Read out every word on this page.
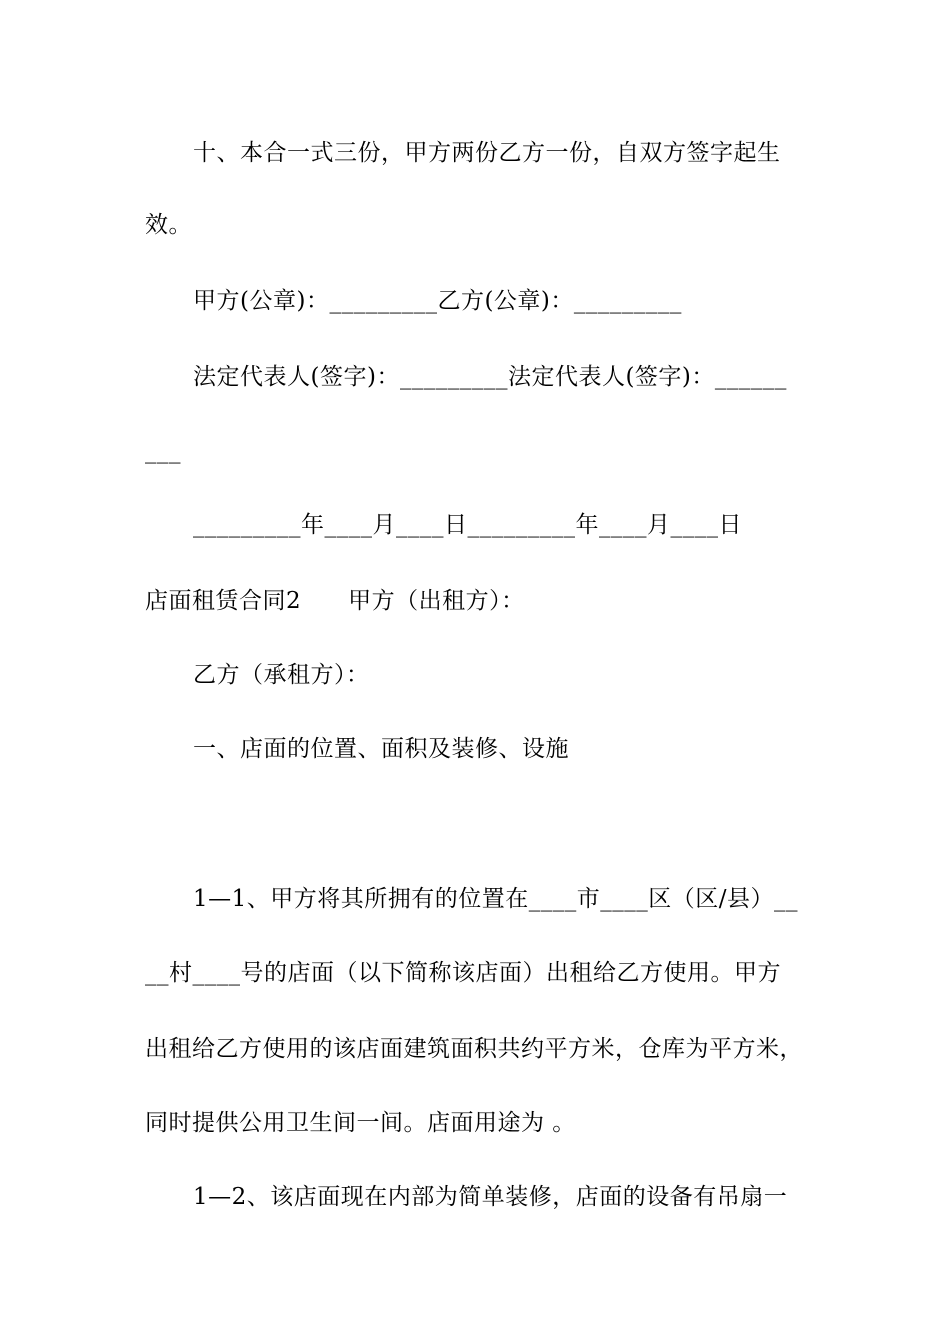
十、本合一式三份，甲方两份乙方一份，自双方签字起生
效。
甲方(公章)：_________乙方(公章)：_________
法定代表人(签字)：_________法定代表人(签字)：______
___
_________年____月____日_________年____月____日
店面租赁合同2　　甲方（出租方）：
乙方（承租方）：
一、店面的位置、面积及装修、设施
1—1、甲方将其所拥有的位置在____市____区（区/县）__
__村____号的店面（以下简称该店面）出租给乙方使用。甲方
出租给乙方使用的该店面建筑面积共约平方米，仓库为平方米，
同时提供公用卫生间一间。店面用途为 。
1—2、该店面现在内部为简单装修，店面的设备有吊扇一
